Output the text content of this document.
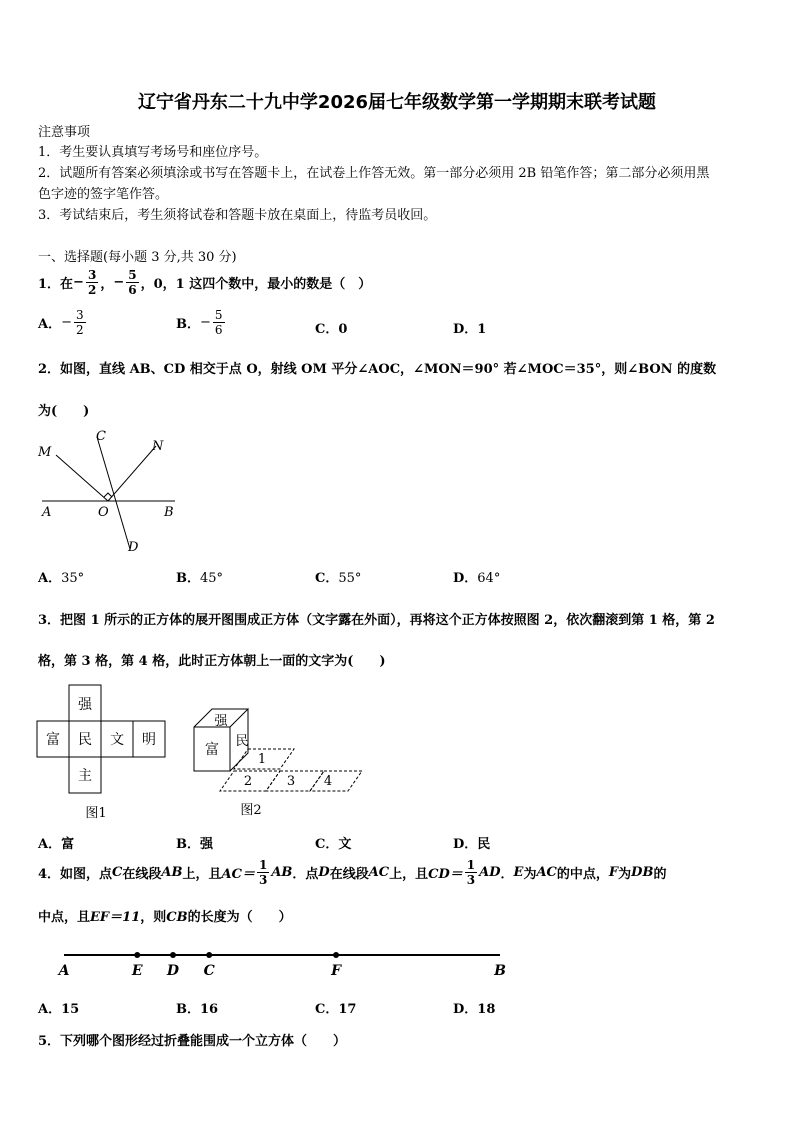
辽宁省丹东二十九中学2026届七年级数学第一学期期末联考试题
注意事项
1．考生要认真填写考场号和座位序号。
2．试题所有答案必须填涂或书写在答题卡上，在试卷上作答无效。第一部分必须用 2B 铅笔作答；第二部分必须用黑
色字迹的签字笔作答。
3．考试结束后，考生须将试卷和答题卡放在桌面上，待监考员收回。
一、选择题(每小题 3 分,共 30 分)
1．在 − $\frac{3}{2}$ ， − $\frac{5}{6}$ ，0，1 这四个数中，最小的数是（　）
A． − $\frac{3}{2}$	B． − $\frac{5}{6}$	C．0	D．1
2．如图，直线 AB、CD 相交于点 O，射线 OM 平分∠AOC，∠MON＝90° 若∠MOC＝35°，则∠BON 的度数
为(　　)
M
C
N
A	O	B
D
A．35°	B．45°	C．55°	D．64°
3．把图 1 所示的正方体的展开图围成正方体（文字露在外面），再将这个正方体按照图 2，依次翻滚到第 1 格，第 2
格，第 3 格，第 4 格，此时正方体朝上一面的文字为(　　)
强
富 民 文 明
主
图1
强
富
民
1
2	3 4
图2
A．富	B．强	C．文	D．民
4．如图，点 C 在线段 AB 上，且 $AC= \frac{1}{3}$ AB ．点 D 在线段 AC 上，且 $CD= \frac{1}{3}$ AD ． E 为 AC 的中点， F 为 DB 的
中点，且EF＝11，则CB的长度为（　　）
A	E D C	F	B
A．15	B．16	C．17	D．18
5．下列哪个图形经过折叠能围成一个立方体（　　）
